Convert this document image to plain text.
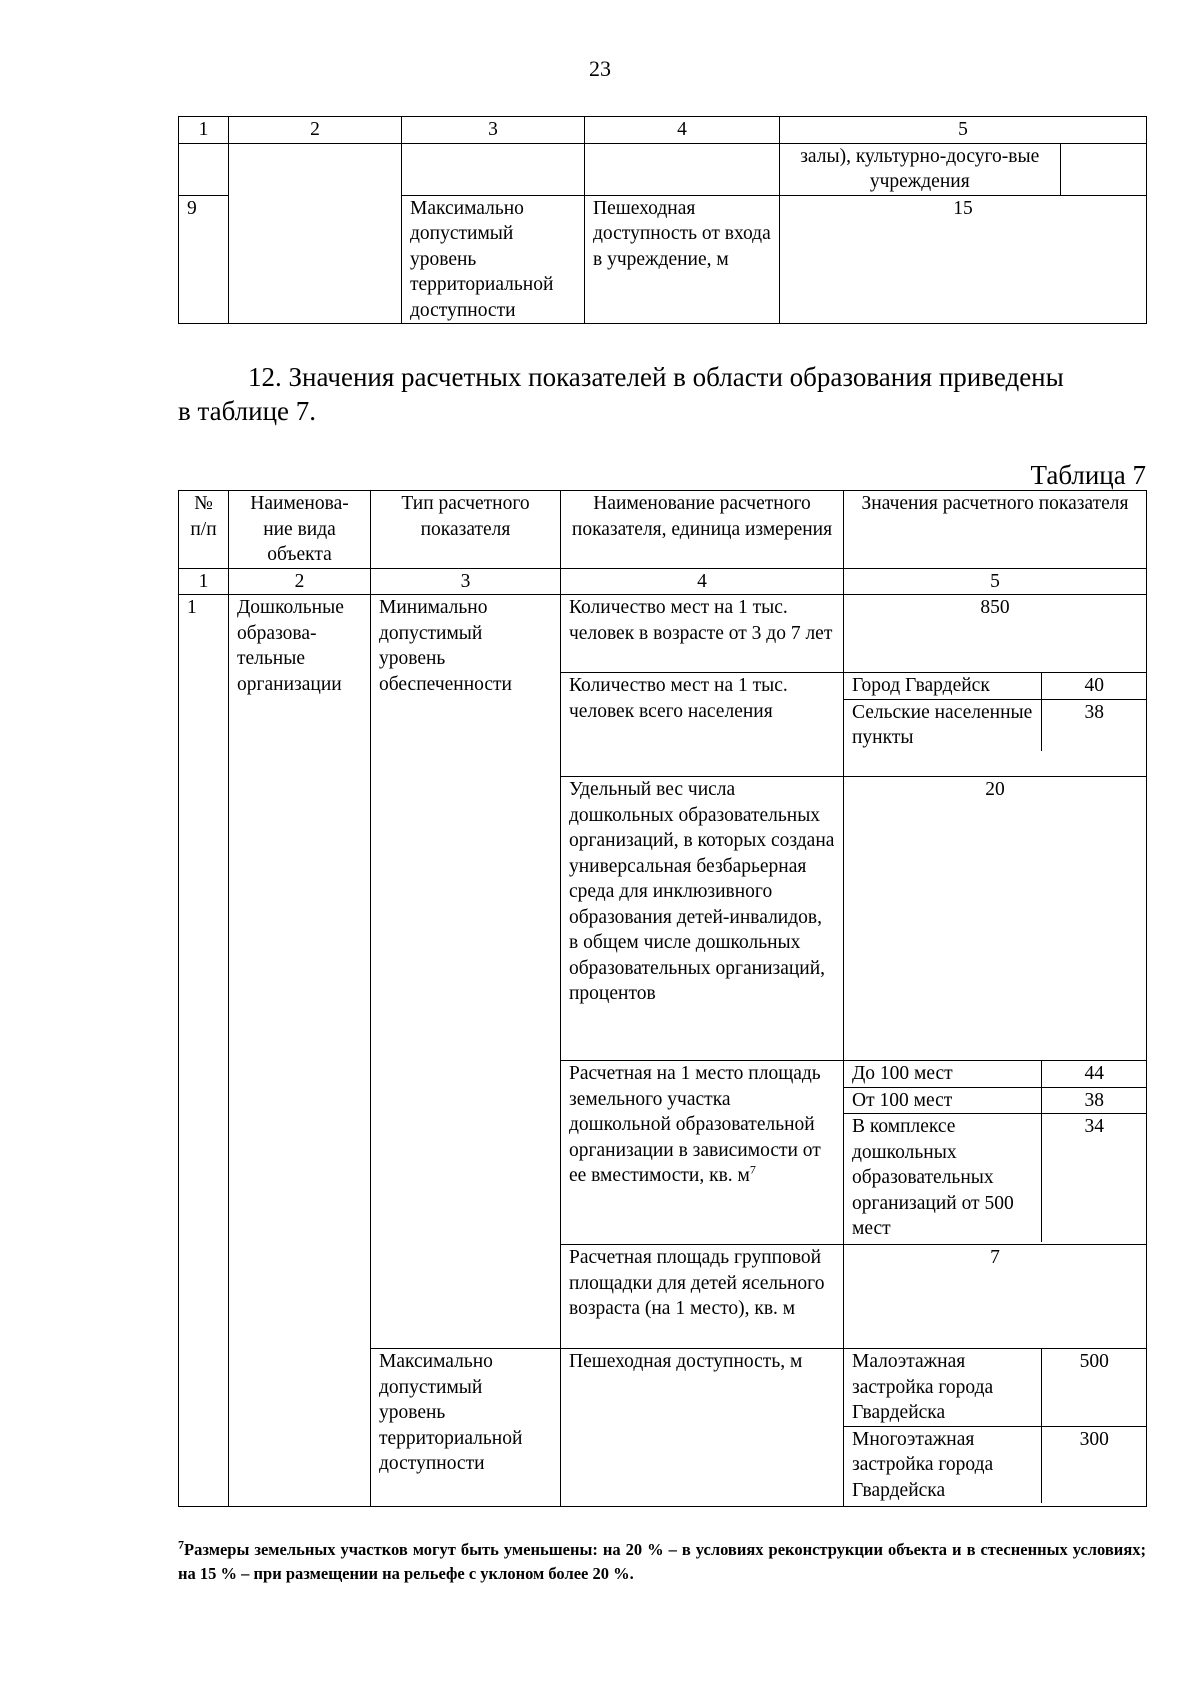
23
1	2	3	4	5

залы), культурно-досуго-вые учреждения	

9	Максимально допустимый уровень территориальной доступности	Пешеходная доступность от входа в учреждение, м	15
12. Значения расчетных показателей в области образования приведены
в таблице 7.
Таблица 7
№ п/п	Наименова-ние вида объекта	Тип расчетного показателя	Наименование расчетного показателя, единица измерения	Значения расчетного показателя
1	2	3	4	5
1	Дошкольные образова-тельные организации	Минимально допустимый уровень обеспеченности	Количество мест на 1 тыс. человек в возрасте от 3 до 7 лет	850
Количество мест на 1 тыс. человек всего населения	
Город Гвардейск	40
Сельские населенные пункты	38

Удельный вес числа дошкольных образовательных организаций, в которых создана универсальная безбарьерная среда для инклюзивного образования детей-инвалидов, в общем числе дошкольных образовательных организаций, процентов	20
Расчетная на 1 место площадь земельного участка дошкольной образовательной организации в зависимости от ее вместимости, кв. $м^7$	
До 100 мест	44
От 100 мест	38
В комплексе дошкольных образовательных организаций от 500 мест	34

Расчетная площадь групповой площадки для детей ясельного возраста (на 1 место), кв. м	7
Максимально допустимый уровень территориальной доступности	Пешеходная доступность, м		Малоэтажная застройка города Гвардейска	500
Многоэтажная застройка города Гвардейска	300
$^7$Размеры земельных участков могут быть уменьшены: на 20 % – в условиях реконструкции объекта и в стесненных условиях; на 15 % – при размещении на рельефе с уклоном более 20 %.
